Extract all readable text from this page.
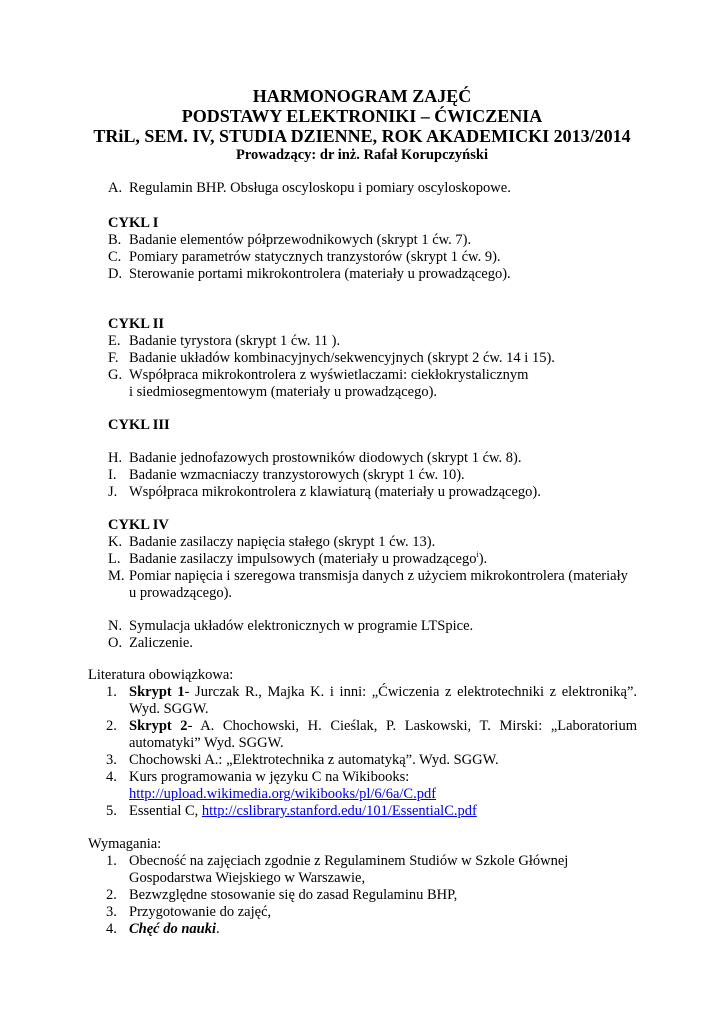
HARMONOGRAM ZAJĘĆ
PODSTAWY ELEKTRONIKI – ĆWICZENIA
TRiL, SEM. IV, STUDIA DZIENNE, ROK AKADEMICKI 2013/2014
Prowadzący: dr inż. Rafał Korupczyński
A. Regulamin BHP. Obsługa oscyloskopu i pomiary oscyloskopowe.
CYKL I
B. Badanie elementów półprzewodnikowych (skrypt 1 ćw. 7).
C. Pomiary parametrów statycznych tranzystorów (skrypt 1 ćw. 9).
D. Sterowanie portami mikrokontrolera (materiały u prowadzącego).
CYKL II
E. Badanie tyrystora (skrypt 1 ćw. 11 ).
F. Badanie układów kombinacyjnych/sekwencyjnych (skrypt 2 ćw. 14 i 15).
G. Współpraca mikrokontrolera z wyświetlaczami: ciekłokrystalicznym
i siedmiosegmentowym (materiały u prowadzącego).
CYKL III
H. Badanie jednofazowych prostowników diodowych (skrypt 1 ćw. 8).
I. Badanie wzmacniaczy tranzystorowych (skrypt 1 ćw. 10).
J. Współpraca mikrokontrolera z klawiaturą (materiały u prowadzącego).
CYKL IV
K. Badanie zasilaczy napięcia stałego (skrypt 1 ćw. 13).
L. Badanie zasilaczy impulsowych (materiały u prowadzącego$^i$).
M. Pomiar napięcia i szeregowa transmisja danych z użyciem mikrokontrolera (materiały
u prowadzącego).
N. Symulacja układów elektronicznych w programie LTSpice.
O. Zaliczenie.
Literatura obowiązkowa:
1. Skrypt 1- Jurczak R., Majka K. i inni: „Ćwiczenia z elektrotechniki z elektroniką”.
Wyd. SGGW.
2. Skrypt 2- A. Chochowski, H. Cieślak, P. Laskowski, T. Mirski: „Laboratorium
automatyki” Wyd. SGGW.
3. Chochowski A.: „Elektrotechnika z automatyką”. Wyd. SGGW.
4. Kurs programowania w języku C na Wikibooks:
http://upload.wikimedia.org/wikibooks/pl/6/6a/C.pdf
5. Essential C, http://cslibrary.stanford.edu/101/EssentialC.pdf
Wymagania:
1. Obecność na zajęciach zgodnie z Regulaminem Studiów w Szkole Głównej
Gospodarstwa Wiejskiego w Warszawie,
2. Bezwzględne stosowanie się do zasad Regulaminu BHP,
3. Przygotowanie do zajęć,
4. Chęć do nauki.
